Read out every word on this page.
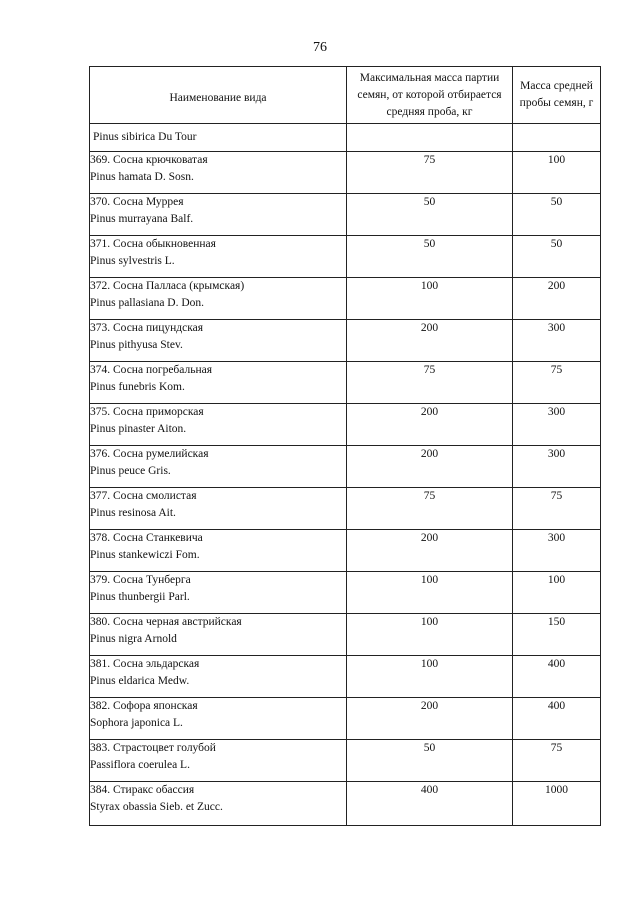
76
Наименование вида	Максимальная масса партии
семян, от которой отбирается
средняя проба, кг	Масса средней
пробы семян, г

Pinus sibirica Du Tour		

369. Сосна крючковатая
Pinus hamata D. Sosn.	75	100

370. Сосна Муррея
Pinus murrayana Balf.	50	50

371. Сосна обыкновенная
Pinus sylvestris L.	50	50

372. Сосна Палласа (крымская)
Pinus pallasiana D. Don.	100	200

373. Сосна пицундская
Pinus pithyusa Stev.	200	300

374. Сосна погребальная
Pinus funebris Kom.	75	75

375. Сосна приморская
Pinus pinaster Aiton.	200	300

376. Сосна румелийская
Pinus peuce Gris.	200	300

377. Сосна смолистая
Pinus resinosa Ait.	75	75

378. Сосна Станкевича
Pinus stankewiczi Fom.	200	300

379. Сосна Тунберга
Pinus thunbergii Parl.	100	100

380. Сосна черная австрийская
Pinus nigra Arnold	100	150

381. Сосна эльдарская
Pinus eldarica Medw.	100	400

382. Софора японская
Sophora japonica L.	200	400

383. Страстоцвет голубой
Passiflora coerulea L.	50	75

384. Стиракс обассия
Styrax obassia Sieb. et Zucc.	400	1000
